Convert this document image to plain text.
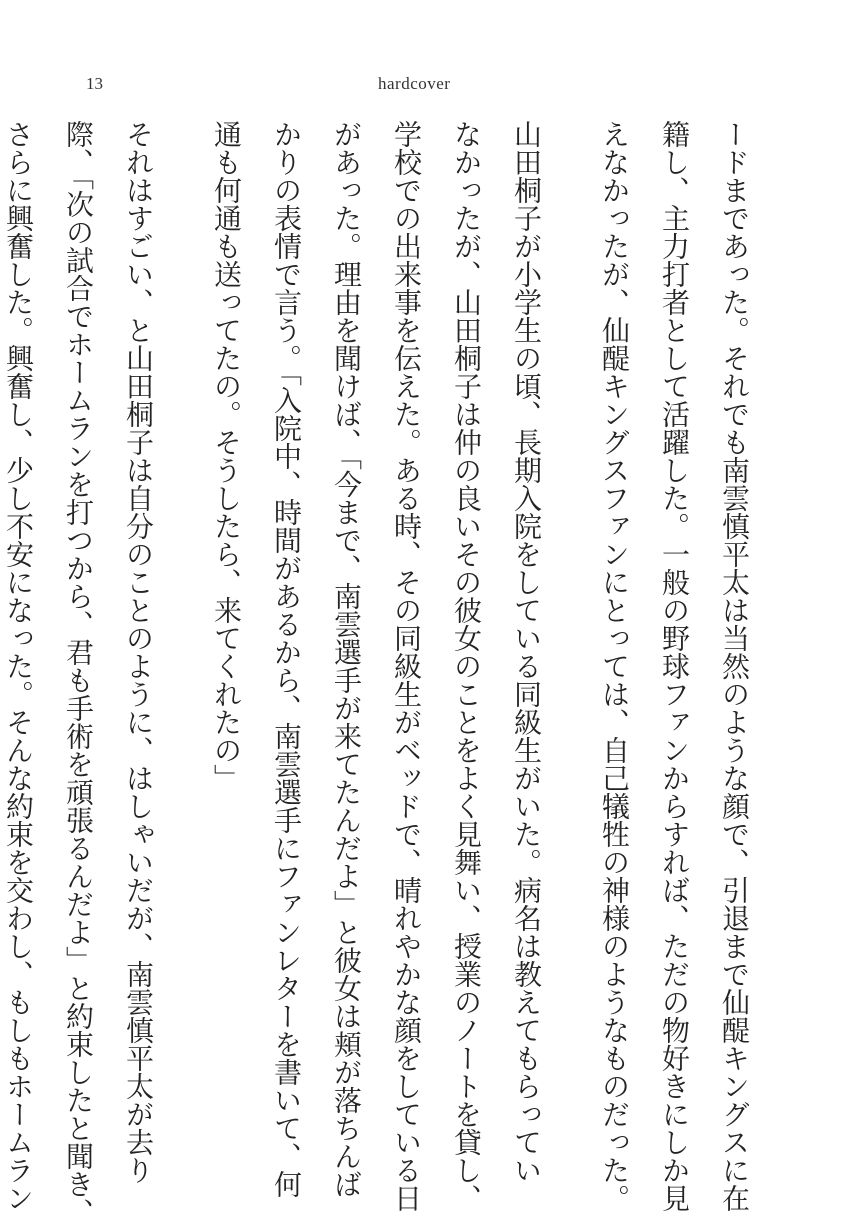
13	hardcover
ードまであった。それでも南雲慎平太は当然のような顔で、引退まで仙醍キングスに在
籍し、主力打者として活躍した。一般の野球ファンからすれば、ただの物好きにしか見
えなかったが、仙醍キングスファンにとっては、自己犠牲の神様のようなものだった。
山田桐子が小学生の頃、長期入院をしている同級生がいた。病名は教えてもらってい
なかったが、山田桐子は仲の良いその彼女のことをよく見舞い、授業のノートを貸し、
学校での出来事を伝えた。ある時、その同級生がベッドで、晴れやかな顔をしている日
があった。理由を聞けば、「今まで、南雲選手が来てたんだよ」と彼女は頬が落ちんば
かりの表情で言う。「入院中、時間があるから、南雲選手にファンレターを書いて、何
通も何通も送ってたの。そうしたら、来てくれたの」
それはすごい、と山田桐子は自分のことのように、はしゃいだが、南雲慎平太が去り
際、「次の試合でホームランを打つから、君も手術を頑張るんだよ」と約束したと聞き、
さらに興奮した。興奮し、少し不安になった。そんな約束を交わし、もしもホームラン
